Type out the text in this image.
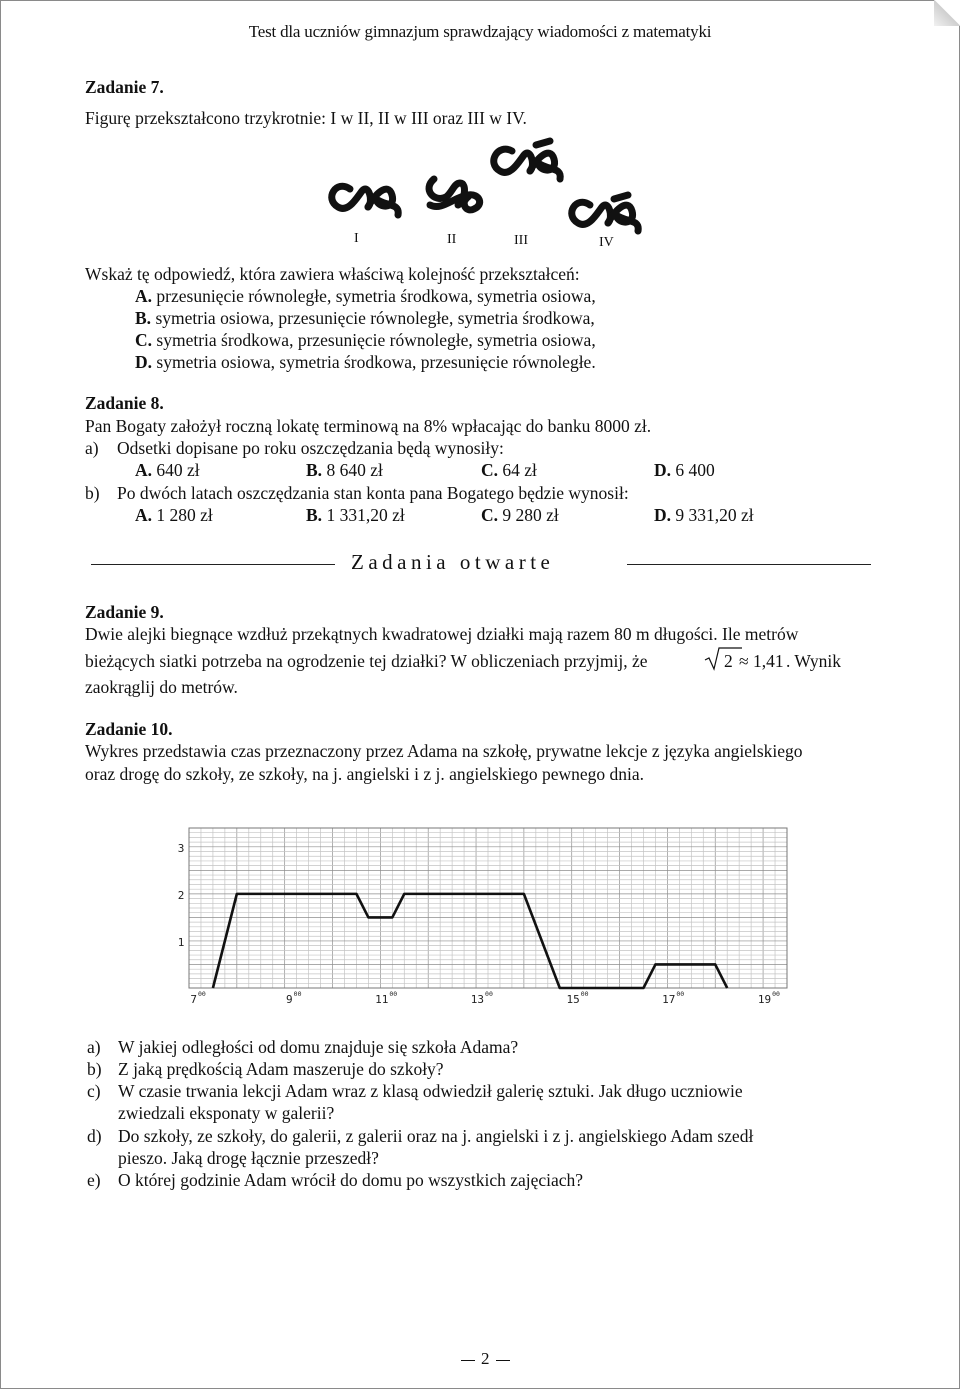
Test dla uczniów gimnazjum sprawdzający wiadomości z matematyki
Zadanie 7.
Figurę przekształcono trzykrotnie: I w II, II w III oraz III w IV.
I	II	III	IV
Wskaż tę odpowiedź, która zawiera właściwą kolejność przekształceń:
A. przesunięcie równoległe, symetria środkowa, symetria osiowa,
B. symetria osiowa, przesunięcie równoległe, symetria środkowa,
C. symetria środkowa, przesunięcie równoległe, symetria osiowa,
D. symetria osiowa, symetria środkowa, przesunięcie równoległe.
Zadanie 8.
Pan Bogaty założył roczną lokatę terminową na 8% wpłacając do banku 8000 zł.
a) Odsetki dopisane po roku oszczędzania będą wynosiły:
A. 640 zł	B. 8 640 zł	C. 64 zł	D. 6 400
b) Po dwóch latach oszczędzania stan konta pana Bogatego będzie wynosił:
A. 1 280 zł	B. 1 331,20 zł	C. 9 280 zł	D. 9 331,20 zł
Zadania otwarte
Zadanie 9.
Dwie alejki biegnące wzdłuż przekątnych kwadratowej działki mają razem 80 m długości. Ile metrów
bieżących siatki potrzeba na ogrodzenie tej działki? W obliczeniach przyjmij, że	2 ≈ 1,41 . Wynik
zaokrąglij do metrów.
Zadanie 10.
Wykres przedstawia czas przeznaczony przez Adama na szkołę, prywatne lekcje z języka angielskiego
oraz drogę do szkoły, ze szkoły, na j. angielski i z j. angielskiego pewnego dnia.
1
2
3
7 00	9 00	11 00	13 00	15 00	17 00	19 00
a) W jakiej odległości od domu znajduje się szkoła Adama?
b) Z jaką prędkością Adam maszeruje do szkoły?
c) W czasie trwania lekcji Adam wraz z klasą odwiedził galerię sztuki. Jak długo uczniowie
zwiedzali eksponaty w galerii?
d) Do szkoły, ze szkoły, do galerii, z galerii oraz na j. angielski i z j. angielskiego Adam szedł
pieszo. Jaką drogę łącznie przeszedł?
e) O której godzinie Adam wrócił do domu po wszystkich zajęciach?
2
